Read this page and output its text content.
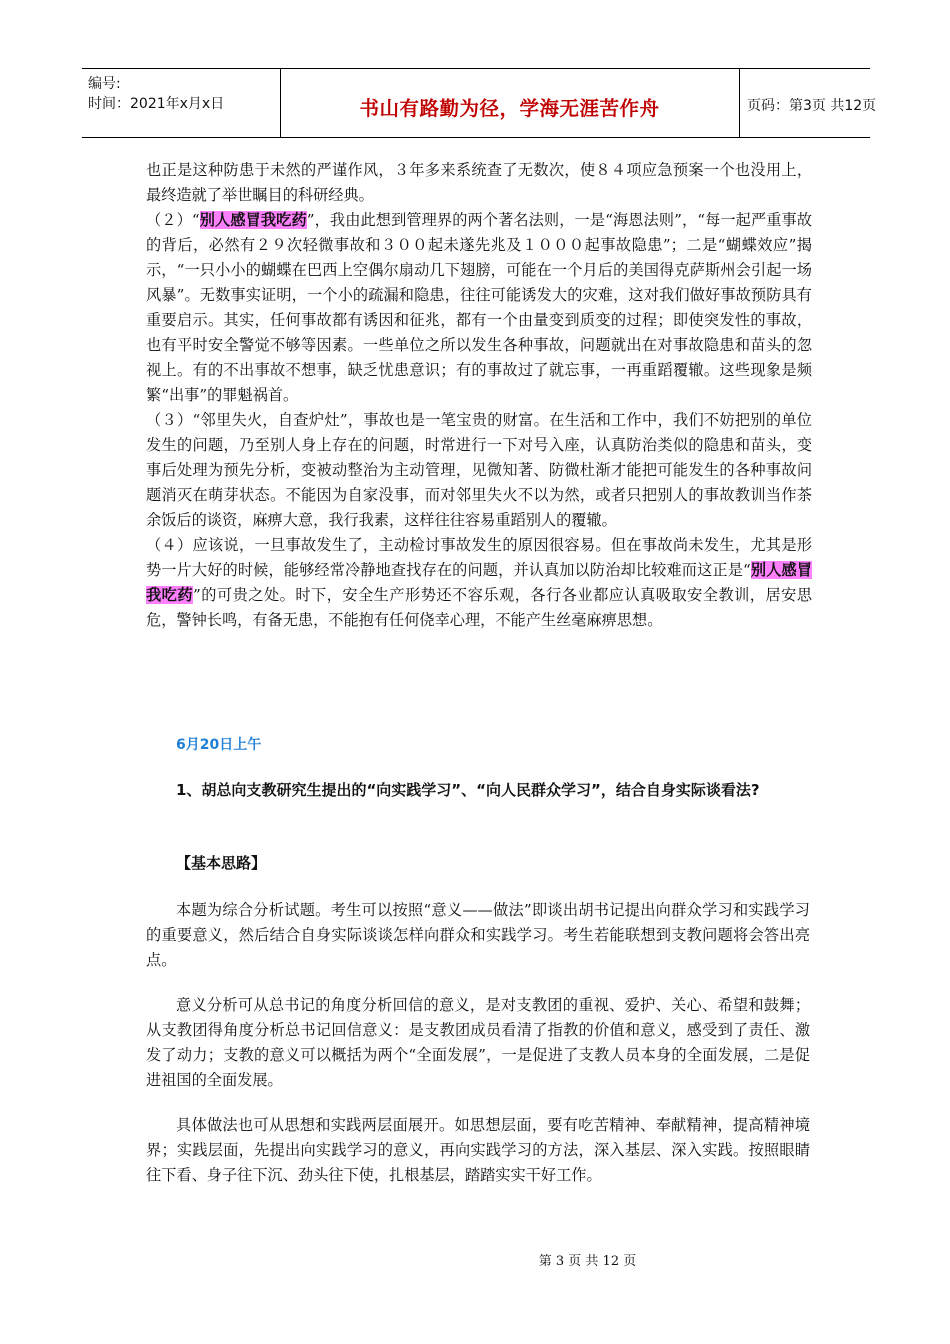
编号:
时间：2021年x月x日	书山有路勤为径，学海无涯苦作舟	页码：第3页 共12页

也正是这种防患于未然的严谨作风，３年多来系统查了无数次，使８４项应急预案一个也没用上，最终造就了举世瞩目的科研经典。

（２）“别人感冒我吃药”，我由此想到管理界的两个著名法则，一是“海恩法则”，“每一起严重事故的背后，必然有２９次轻微事故和３００起未遂先兆及１０００起事故隐患”；二是“蝴蝶效应”揭示，“一只小小的蝴蝶在巴西上空偶尔扇动几下翅膀，可能在一个月后的美国得克萨斯州会引起一场风暴”。无数事实证明，一个小的疏漏和隐患，往往可能诱发大的灾难，这对我们做好事故预防具有重要启示。其实，任何事故都有诱因和征兆，都有一个由量变到质变的过程；即使突发性的事故，也有平时安全警觉不够等因素。一些单位之所以发生各种事故，问题就出在对事故隐患和苗头的忽视上。有的不出事故不想事，缺乏忧患意识；有的事故过了就忘事，一再重蹈覆辙。这些现象是频繁“出事”的罪魁祸首。

（３）“邻里失火，自查炉灶”，事故也是一笔宝贵的财富。在生活和工作中，我们不妨把别的单位发生的问题，乃至别人身上存在的问题，时常进行一下对号入座，认真防治类似的隐患和苗头，变事后处理为预先分析，变被动整治为主动管理，见微知著、防微杜渐才能把可能发生的各种事故问题消灭在萌芽状态。不能因为自家没事，而对邻里失火不以为然，或者只把别人的事故教训当作茶余饭后的谈资，麻痹大意，我行我素，这样往往容易重蹈别人的覆辙。

（４）应该说，一旦事故发生了，主动检讨事故发生的原因很容易。但在事故尚未发生，尤其是形势一片大好的时候，能够经常冷静地查找存在的问题，并认真加以防治却比较难而这正是“别人感冒我吃药”的可贵之处。时下，安全生产形势还不容乐观，各行各业都应认真吸取安全教训，居安思危，警钟长鸣，有备无患，不能抱有任何侥幸心理，不能产生丝毫麻痹思想。

6月20日上午
1、胡总向支教研究生提出的“向实践学习”、“向人民群众学习”，结合自身实际谈看法?
【基本思路】

本题为综合分析试题。考生可以按照“意义——做法”即谈出胡书记提出向群众学习和实践学习的重要意义，然后结合自身实际谈谈怎样向群众和实践学习。考生若能联想到支教问题将会答出亮点。

意义分析可从总书记的角度分析回信的意义，是对支教团的重视、爱护、关心、希望和鼓舞；从支教团得角度分析总书记回信意义：是支教团成员看清了指教的价值和意义，感受到了责任、激发了动力；支教的意义可以概括为两个“全面发展”，一是促进了支教人员本身的全面发展，二是促进祖国的全面发展。

具体做法也可从思想和实践两层面展开。如思想层面，要有吃苦精神、奉献精神，提高精神境界；实践层面，先提出向实践学习的意义，再向实践学习的方法，深入基层、深入实践。按照眼睛往下看、身子往下沉、劲头往下使，扎根基层，踏踏实实干好工作。

第 3 页 共 12 页
